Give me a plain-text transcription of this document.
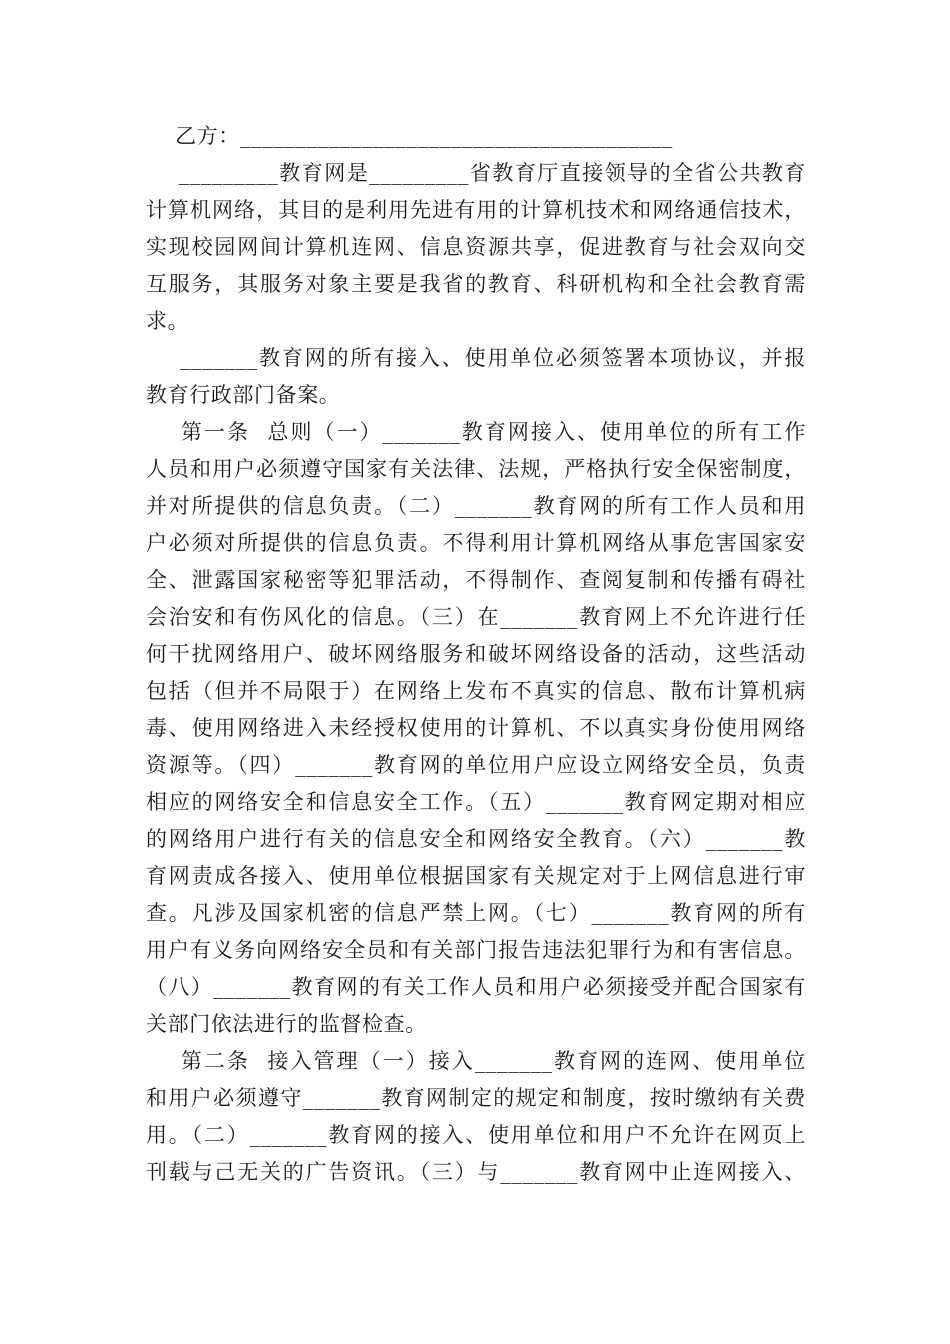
乙方：_______________________________________
_________教育网是_________省教育厅直接领导的全省公共教育
计算机网络，其目的是利用先进有用的计算机技术和网络通信技术，
实现校园网间计算机连网、信息资源共享，促进教育与社会双向交
互服务，其服务对象主要是我省的教育、科研机构和全社会教育需
求。
_______教育网的所有接入、使用单位必须签署本项协议，并报
教育行政部门备案。
第一条  总则（一）_______教育网接入、使用单位的所有工作
人员和用户必须遵守国家有关法律、法规，严格执行安全保密制度，
并对所提供的信息负责。（二）_______教育网的所有工作人员和用
户必须对所提供的信息负责。不得利用计算机网络从事危害国家安
全、泄露国家秘密等犯罪活动，不得制作、查阅复制和传播有碍社
会治安和有伤风化的信息。（三）在_______教育网上不允许进行任
何干扰网络用户、破坏网络服务和破坏网络设备的活动，这些活动
包括（但并不局限于）在网络上发布不真实的信息、散布计算机病
毒、使用网络进入未经授权使用的计算机、不以真实身份使用网络
资源等。（四）_______教育网的单位用户应设立网络安全员，负责
相应的网络安全和信息安全工作。（五）_______教育网定期对相应
的网络用户进行有关的信息安全和网络安全教育。（六）_______教
育网责成各接入、使用单位根据国家有关规定对于上网信息进行审
查。凡涉及国家机密的信息严禁上网。（七）_______教育网的所有
用户有义务向网络安全员和有关部门报告违法犯罪行为和有害信息。
（八）_______教育网的有关工作人员和用户必须接受并配合国家有
关部门依法进行的监督检查。
第二条  接入管理（一）接入_______教育网的连网、使用单位
和用户必须遵守_______教育网制定的规定和制度，按时缴纳有关费
用。（二）_______教育网的接入、使用单位和用户不允许在网页上
刊载与己无关的广告资讯。（三）与_______教育网中止连网接入、
